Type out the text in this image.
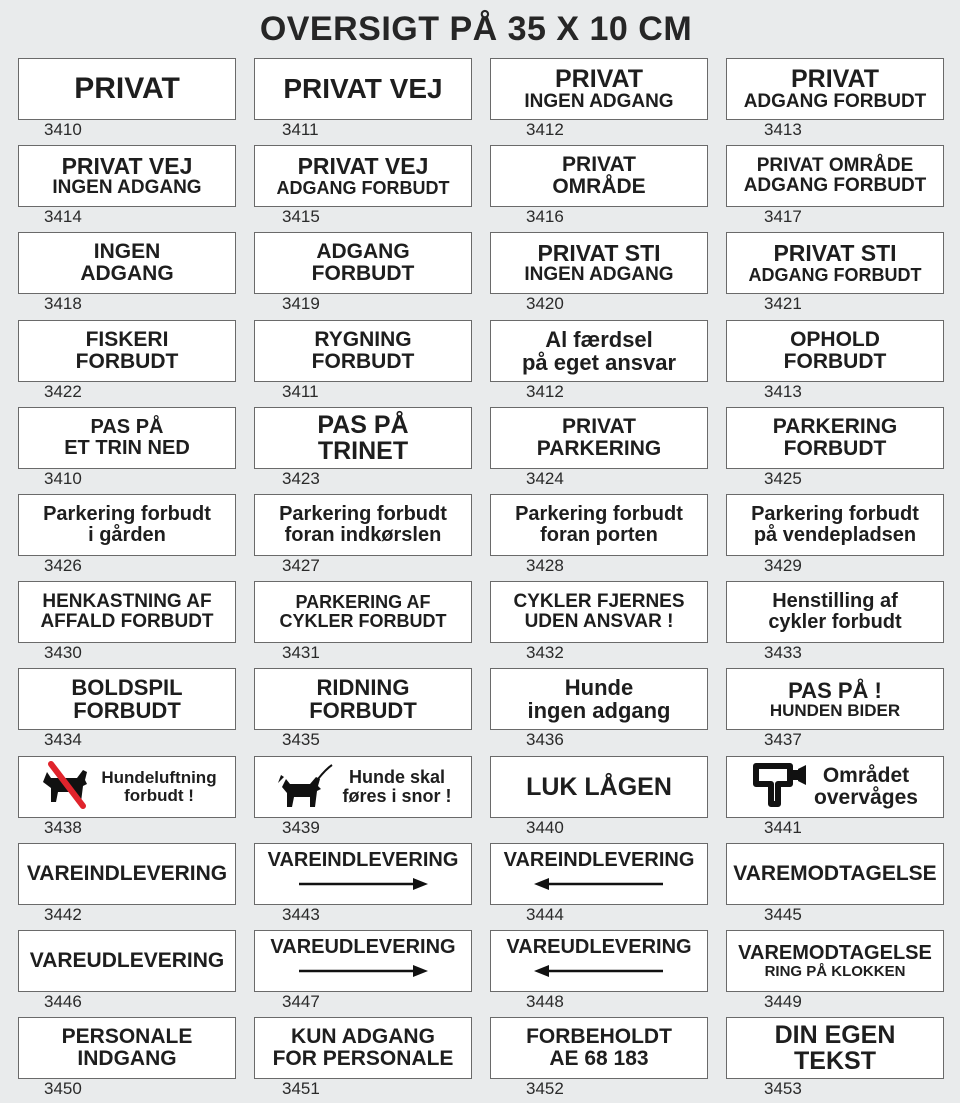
OVERSIGT PÅ 35 X 10 CM
PRIVAT
3410
PRIVAT VEJ
3411
PRIVAT
INGEN ADGANG
3412
PRIVAT
ADGANG FORBUDT
3413
PRIVAT VEJ
INGEN ADGANG
3414
PRIVAT VEJ
ADGANG FORBUDT
3415
PRIVAT
OMRÅDE
3416
PRIVAT OMRÅDE
ADGANG FORBUDT
3417
INGEN
ADGANG
3418
ADGANG
FORBUDT
3419
PRIVAT STI
INGEN ADGANG
3420
PRIVAT STI
ADGANG FORBUDT
3421
FISKERI
FORBUDT
3422
RYGNING
FORBUDT
3411
Al færdsel
på eget ansvar
3412
OPHOLD
FORBUDT
3413
PAS PÅ
ET TRIN NED
3410
PAS PÅ
TRINET
3423
PRIVAT
PARKERING
3424
PARKERING
FORBUDT
3425
Parkering forbudt
i gården
3426
Parkering forbudt
foran indkørslen
3427
Parkering forbudt
foran porten
3428
Parkering forbudt
på vendepladsen
3429
HENKASTNING AF
AFFALD FORBUDT
3430
PARKERING AF
CYKLER FORBUDT
3431
CYKLER FJERNES
UDEN ANSVAR !
3432
Henstilling af
cykler forbudt
3433
BOLDSPIL
FORBUDT
3434
RIDNING
FORBUDT
3435
Hunde
ingen adgang
3436
PAS PÅ !
HUNDEN BIDER
3437
Hundeluftning
forbudt !
3438
Hunde skal
føres i snor !
3439
LUK LÅGEN
3440
Området
overvåges
3441
VAREINDLEVERING
3442
VAREINDLEVERING
3443
VAREINDLEVERING
3444
VAREMODTAGELSE
3445
VAREUDLEVERING
3446
VAREUDLEVERING
3447
VAREUDLEVERING
3448
VAREMODTAGELSE
RING PÅ KLOKKEN
3449
PERSONALE
INDGANG
3450
KUN ADGANG
FOR PERSONALE
3451
FORBEHOLDT
AE 68 183
3452
DIN EGEN
TEKST
3453
